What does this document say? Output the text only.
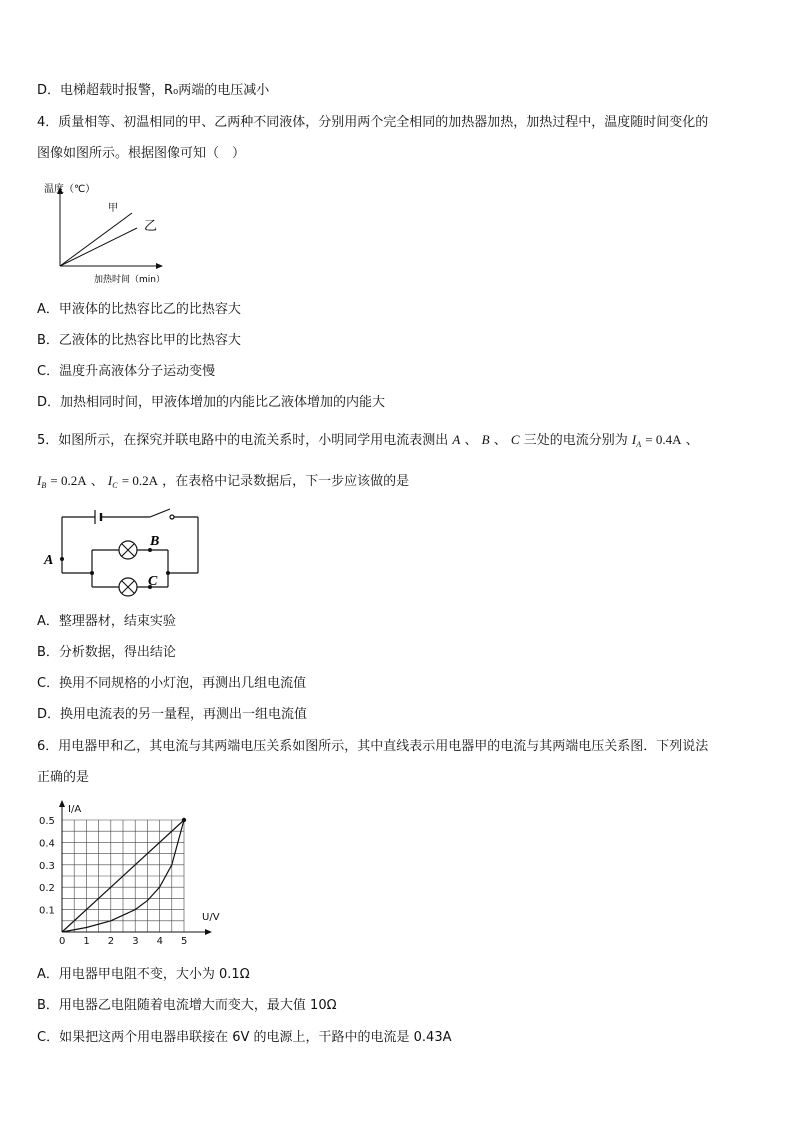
D．电梯超载时报警，R₀两端的电压减小
4．质量相等、初温相同的甲、乙两种不同液体，分别用两个完全相同的加热器加热，加热过程中，温度随时间变化的
图像如图所示。根据图像可知（　）
温度（℃）
甲
乙
加热时间（min）
A．甲液体的比热容比乙的比热容大
B．乙液体的比热容比甲的比热容大
C．温度升高液体分子运动变慢
D．加热相同时间，甲液体增加的内能比乙液体增加的内能大
5．如图所示，在探究并联电路中的电流关系时，小明同学用电流表测出 A 、 B 、 C 三处的电流分别为 $I_A = 0.4A$ 、
$I_B = 0.2A$ 、 $I_C = 0.2A$ ，在表格中记录数据后，下一步应该做的是
A
B
C
A．整理器材，结束实验
B．分析数据，得出结论
C．换用不同规格的小灯泡，再测出几组电流值
D．换用电流表的另一量程，再测出一组电流值
6．用电器甲和乙，其电流与其两端电压关系如图所示，其中直线表示用电器甲的电流与其两端电压关系图．下列说法
正确的是
0 1 2 3 4 5
0.1
0.2
0.3
0.4
0.5
I/A
U/V
A．用电器甲电阻不变，大小为 0.1Ω
B．用电器乙电阻随着电流增大而变大，最大值 10Ω
C．如果把这两个用电器串联接在 6V 的电源上，干路中的电流是 0.43A
